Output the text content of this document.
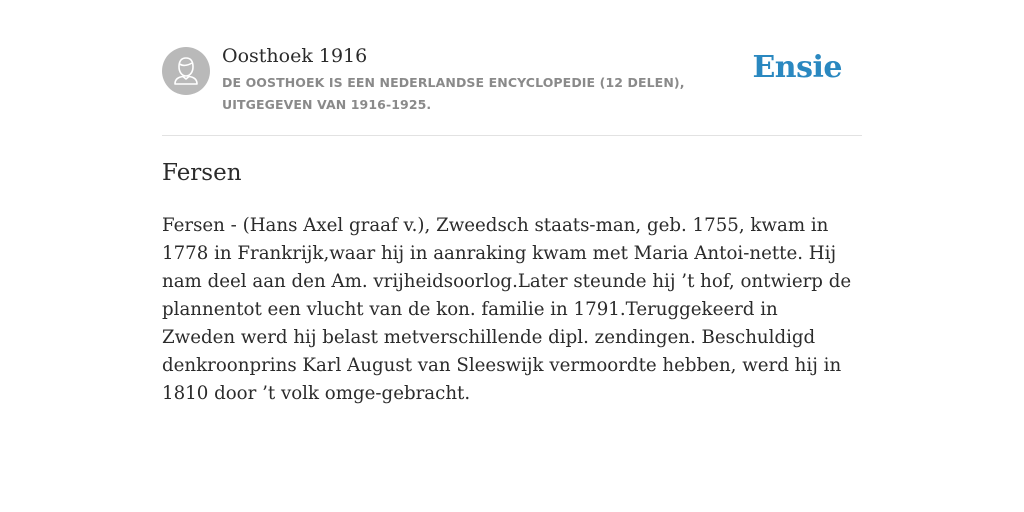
Oosthoek 1916
DE OOSTHOEK IS EEN NEDERLANDSE ENCYCLOPEDIE (12 DELEN), UITGEGEVEN VAN 1916-1925.
Ensie
Fersen

Fersen - (Hans Axel graaf v.), Zweedsch staats-man, geb. 1755, kwam in 1778 in Frankrijk,waar hij in aanraking kwam met Maria Antoi-nette. Hij nam deel aan den Am. vrijheidsoorlog.Later steunde hij ’t hof, ontwierp de plannentot een vlucht van de kon. familie in 1791.Teruggekeerd in Zweden werd hij belast metverschillende dipl. zendingen. Beschuldigd denkroonprins Karl August van Sleeswijk vermoordte hebben, werd hij in 1810 door ’t volk omge-gebracht.
